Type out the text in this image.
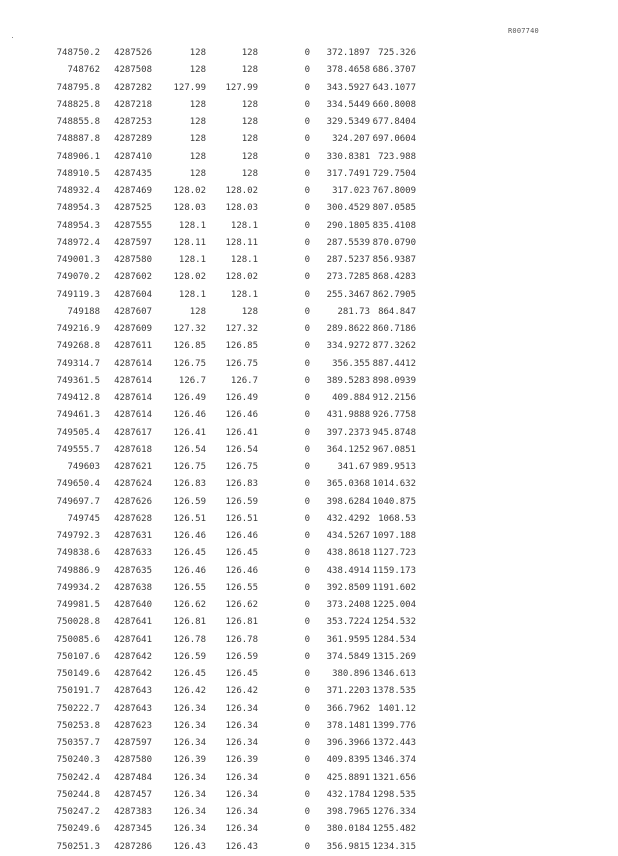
R007740
748750.2	4287526	128	128	0	372.1897 725.326
748762	4287508	128	128	0	378.4658 686.3707
748795.8	4287282	127.99	127.99	0	343.5927 643.1077
748825.8	4287218	128	128	0	334.5449 660.8008
748855.8	4287253	128	128	0	329.5349 677.8404
748887.8	4287289	128	128	0	324.207 697.0604
748906.1	4287410	128	128	0	330.8381 723.988
748910.5	4287435	128	128	0	317.7491 729.7504
748932.4	4287469	128.02	128.02	0	317.023 767.8009
748954.3	4287525	128.03	128.03	0	300.4529 807.0585
748954.3	4287555	128.1	128.1	0	290.1805 835.4108
748972.4	4287597	128.11	128.11	0	287.5539 870.0790
749001.3	4287580	128.1	128.1	0	287.5237 856.9387
749070.2	4287602	128.02	128.02	0	273.7285 868.4283
749119.3	4287604	128.1	128.1	0	255.3467 862.7905
749188	4287607	128	128	0	281.73 864.847
749216.9	4287609	127.32	127.32	0	289.8622 860.7186
749268.8	4287611	126.85	126.85	0	334.9272 877.3262
749314.7	4287614	126.75	126.75	0	356.355 887.4412
749361.5	4287614	126.7	126.7	0	389.5283 898.0939
749412.8	4287614	126.49	126.49	0	409.884 912.2156
749461.3	4287614	126.46	126.46	0	431.9888 926.7758
749505.4	4287617	126.41	126.41	0	397.2373 945.8748
749555.7	4287618	126.54	126.54	0	364.1252 967.0851
749603	4287621	126.75	126.75	0	341.67 989.9513
749650.4	4287624	126.83	126.83	0	365.0368 1014.632
749697.7	4287626	126.59	126.59	0	398.6284 1040.875
749745	4287628	126.51	126.51	0	432.4292 1068.53
749792.3	4287631	126.46	126.46	0	434.5267 1097.188
749838.6	4287633	126.45	126.45	0	438.8618 1127.723
749886.9	4287635	126.46	126.46	0	438.4914 1159.173
749934.2	4287638	126.55	126.55	0	392.8509 1191.602
749981.5	4287640	126.62	126.62	0	373.2408 1225.004
750028.8	4287641	126.81	126.81	0	353.7224 1254.532
750085.6	4287641	126.78	126.78	0	361.9595 1284.534
750107.6	4287642	126.59	126.59	0	374.5849 1315.269
750149.6	4287642	126.45	126.45	0	380.896 1346.613
750191.7	4287643	126.42	126.42	0	371.2203 1378.535
750222.7	4287643	126.34	126.34	0	366.7962 1401.12
750253.8	4287623	126.34	126.34	0	378.1481 1399.776
750357.7	4287597	126.34	126.34	0	396.3966 1372.443
750240.3	4287580	126.39	126.39	0	409.8395 1346.374
750242.4	4287484	126.34	126.34	0	425.8891 1321.656
750244.8	4287457	126.34	126.34	0	432.1784 1298.535
750247.2	4287383	126.34	126.34	0	398.7965 1276.334
750249.6	4287345	126.34	126.34	0	380.0184 1255.482
750251.3	4287286	126.43	126.43	0	356.9815 1234.315
